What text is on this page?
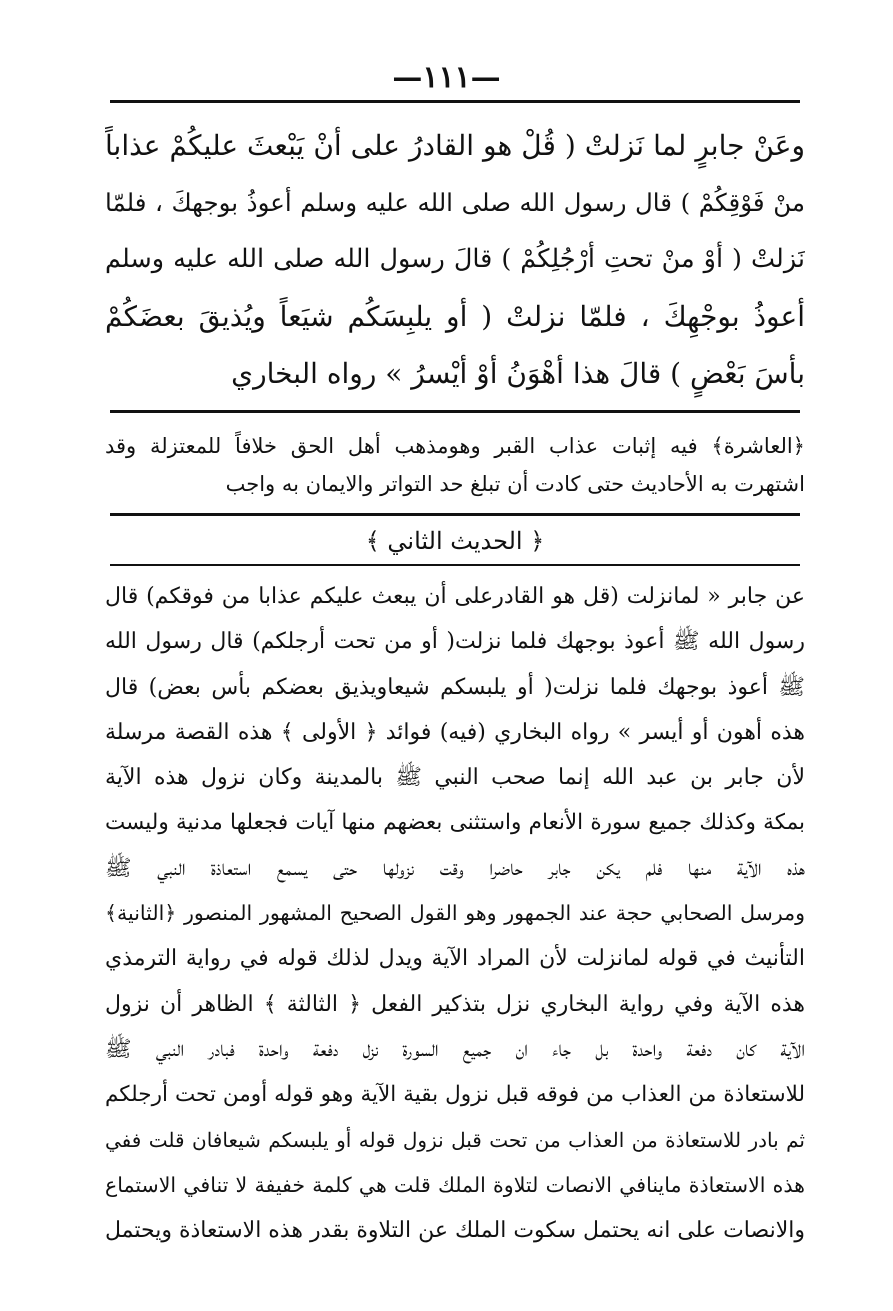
—١١١—
وعَنْ جابرٍ لما نَزلتْ ( قُلْ هو القادرُ على أنْ يَبْعثَ عليكُمْ عذاباً
منْ فَوْقِكُمْ ) قال رسول الله صلى الله عليه وسلم أعوذُ بوجهكَ ، فلمّا
نَزلتْ ( أوْ منْ تحتِ أرْجُلِكُمْ ) قالَ رسول الله صلى الله عليه وسلم
أعوذُ بوجْهِكَ ، فلمّا نزلتْ ( أو يلبِسَكُم شيَعاً ويُذيقَ بعضَكُمْ
بأسَ بَعْضٍ ) قالَ هذا أهْوَنُ أوْ أيْسرُ » رواه البخاري
﴿العاشرة﴾ فيه إثبات عذاب القبر وهومذهب أهل الحق خلافاً للمعتزلة وقد
اشتهرت به الأحاديث حتى كادت أن تبلغ حد التواتر والايمان به واجب
﴿ الحديث الثاني ﴾
عن جابر « لمانزلت (قل هو القادرعلى أن يبعث عليكم عذابا من فوقكم) قال
رسول الله ﷺ أعوذ بوجهك فلما نزلت( أو من تحت أرجلكم) قال رسول الله
ﷺ أعوذ بوجهك فلما نزلت( أو يلبسكم شيعاويذيق بعضكم بأس بعض) قال
هذه أهون أو أيسر » رواه البخاري (فيه) فوائد ﴿ الأولى ﴾ هذه القصة مرسلة
لأن جابر بن عبد الله إنما صحب النبي ﷺ بالمدينة وكان نزول هذه الآية
بمكة وكذلك جميع سورة الأنعام واستثنى بعضهم منها آيات فجعلها مدنية وليست
هذه الآية منها فلم يكن جابر حاضرا وقت نزولها حتى يسمع استعاذة النبي ﷺ
ومرسل الصحابي حجة عند الجمهور وهو القول الصحيح المشهور المنصور ﴿الثانية﴾
التأنيث في قوله لمانزلت لأن المراد الآية ويدل لذلك قوله في رواية الترمذي
هذه الآية وفي رواية البخاري نزل بتذكير الفعل ﴿ الثالثة ﴾ الظاهر أن نزول
الآية كان دفعة واحدة بل جاء ان جميع السورة نزل دفعة واحدة فبادر النبي ﷺ
للاستعاذة من العذاب من فوقه قبل نزول بقية الآية وهو قوله أومن تحت أرجلكم
ثم بادر للاستعاذة من العذاب من تحت قبل نزول قوله أو يلبسكم شيعافان قلت ففي
هذه الاستعاذة ماينافي الانصات لتلاوة الملك قلت هي كلمة خفيفة لا تنافي الاستماع
والانصات على انه يحتمل سكوت الملك عن التلاوة بقدر هذه الاستعاذة ويحتمل
